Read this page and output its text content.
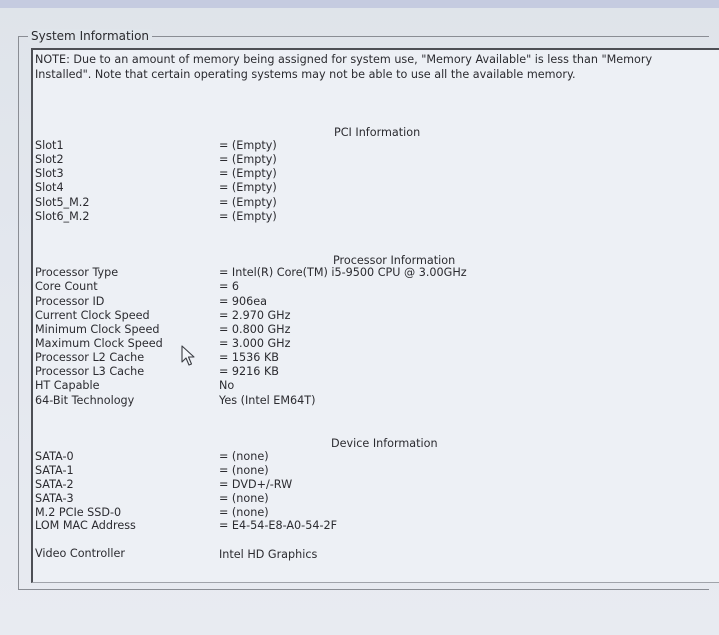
System Information
NOTE: Due to an amount of memory being assigned for system use, "Memory Available" is less than "Memory Installed". Note that certain operating systems may not be able to use all the available memory.
PCI Information
Slot1	= (Empty)
Slot2	= (Empty)
Slot3	= (Empty)
Slot4	= (Empty)
Slot5_M.2	= (Empty)
Slot6_M.2	= (Empty)
Processor Information
Processor Type	= Intel(R) Core(TM) i5-9500 CPU @ 3.00GHz
Core Count	= 6
Processor ID	= 906ea
Current Clock Speed	= 2.970 GHz
Minimum Clock Speed	= 0.800 GHz
Maximum Clock Speed	= 3.000 GHz
Processor L2 Cache	= 1536 KB
Processor L3 Cache	= 9216 KB
HT Capable	No
64-Bit Technology	Yes (Intel EM64T)
Device Information
SATA-0	= (none)
SATA-1	= (none)
SATA-2	= DVD+/-RW
SATA-3	= (none)
M.2 PCIe SSD-0	= (none)
LOM MAC Address	= E4-54-E8-A0-54-2F
Video Controller	Intel HD Graphics
